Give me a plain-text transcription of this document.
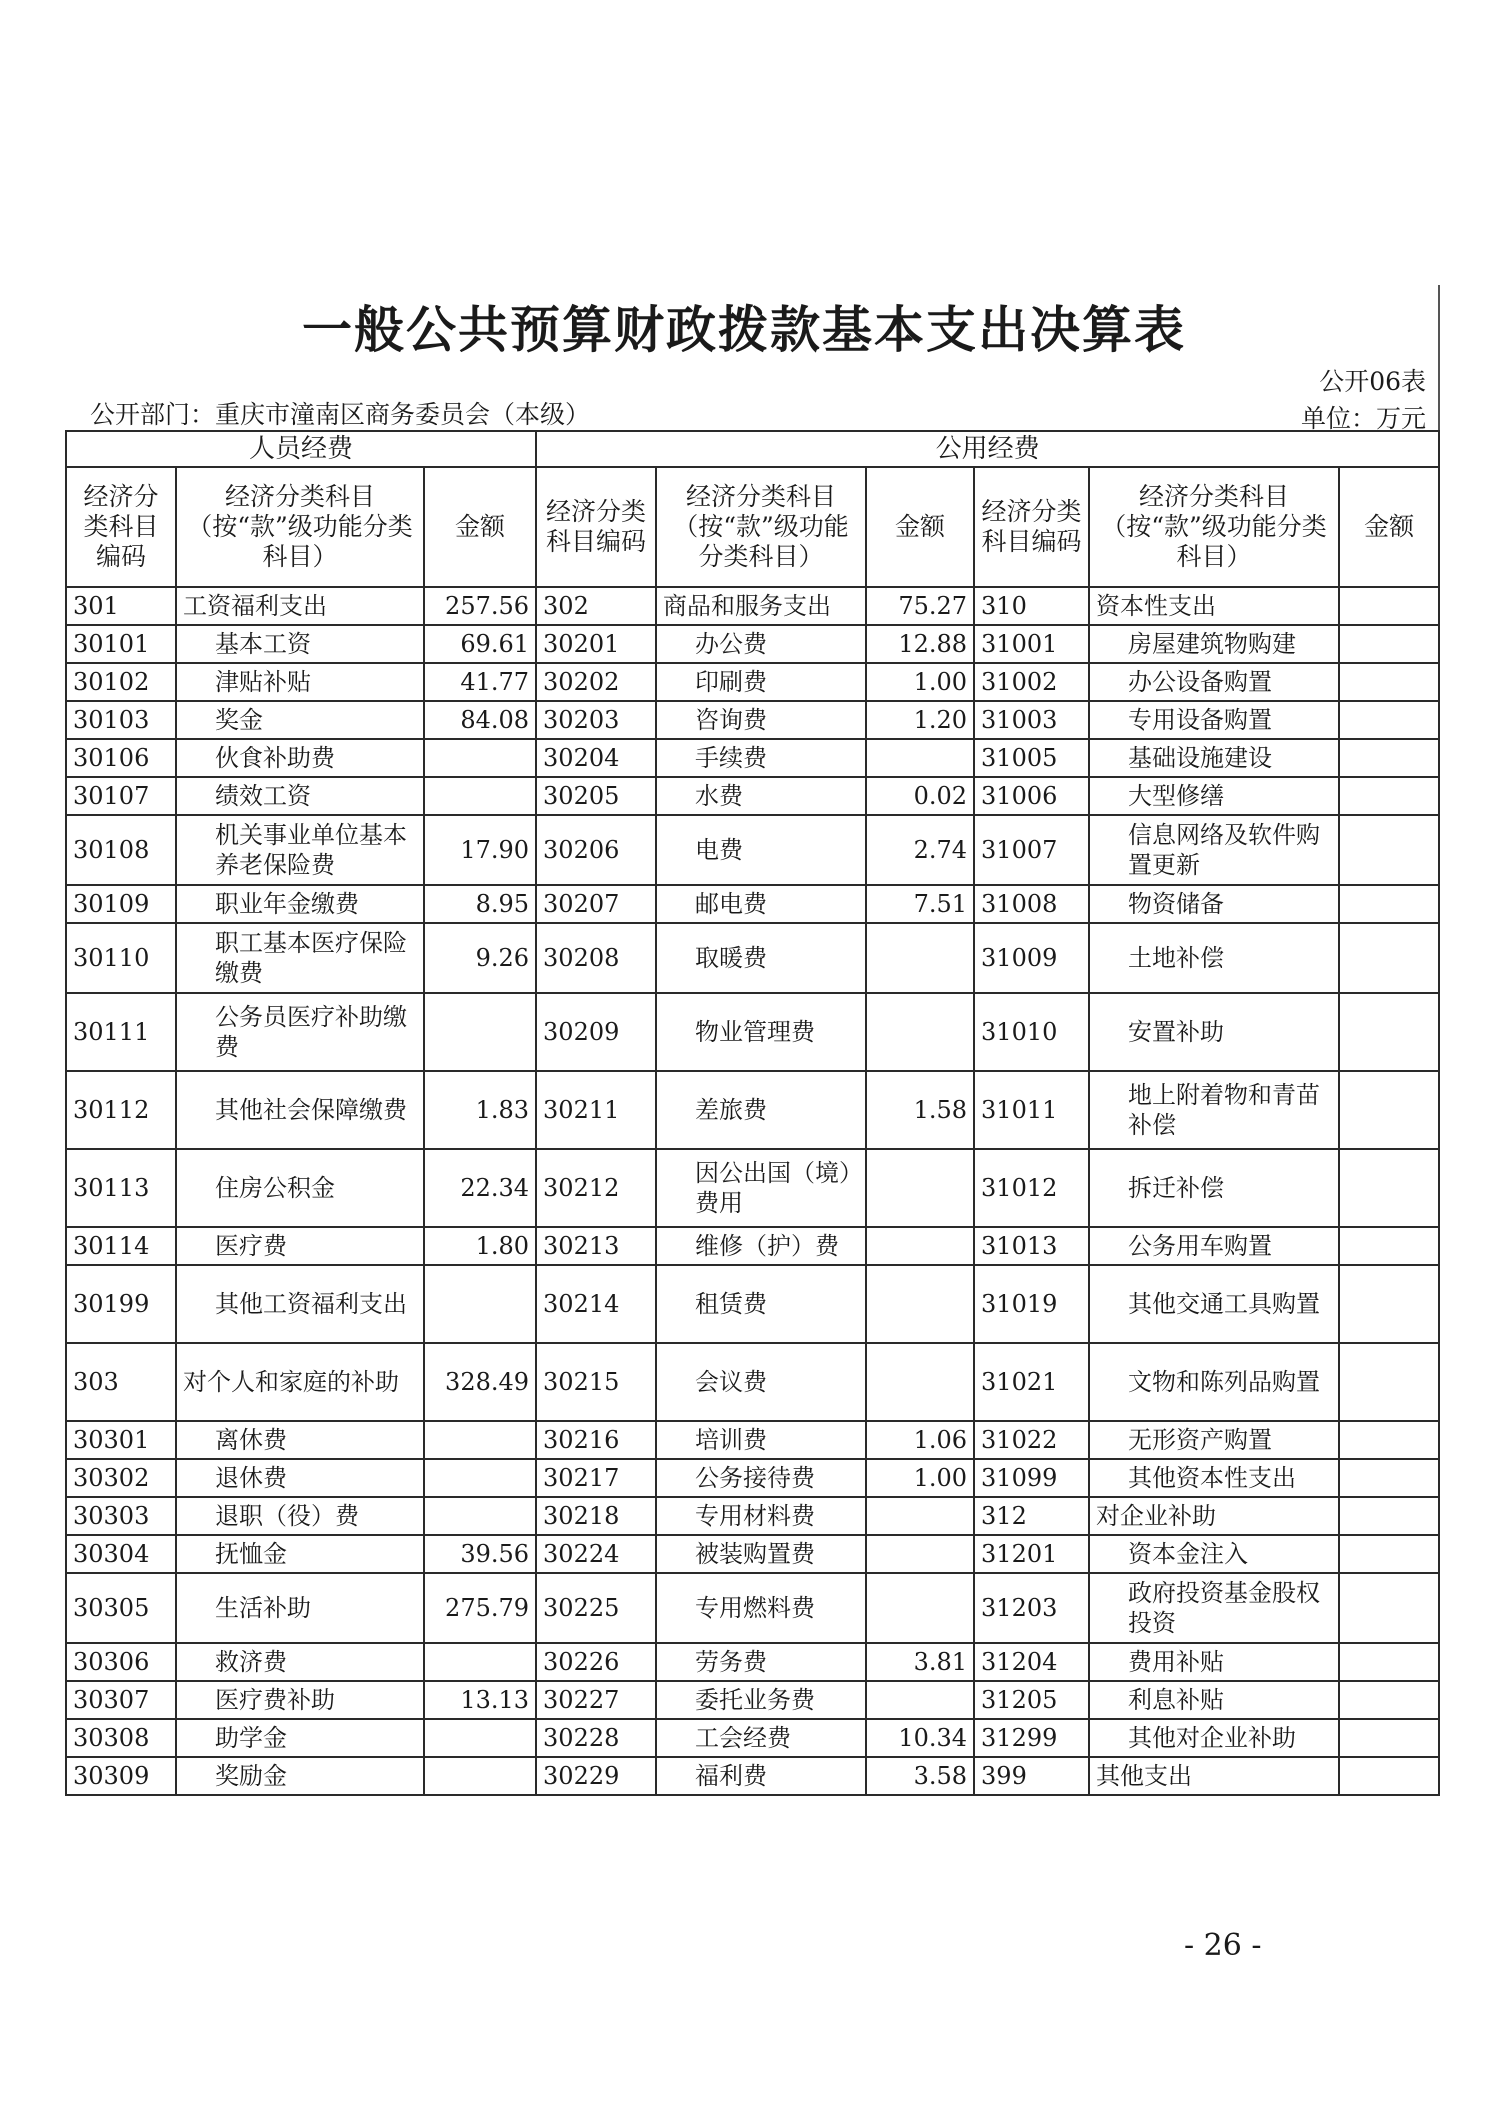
一般公共预算财政拨款基本支出决算表
公开06表
公开部门：重庆市潼南区商务委员会（本级）	单位：万元
人员经费			公用经费					
经济分类科目编码	经济分类科目（按“款”级功能分类科目）	金额	经济分类科目编码	经济分类科目（按“款”级功能分类科目）	金额	经济分类科目编码	经济分类科目（按“款”级功能分类科目）	金额
301	工资福利支出	257.56	302	商品和服务支出	75.27	310	资本性支出	
30101	基本工资	69.61	30201	办公费	12.88	31001	房屋建筑物购建	
30102	津贴补贴	41.77	30202	印刷费	1.00	31002	办公设备购置	
30103	奖金	84.08	30203	咨询费	1.20	31003	专用设备购置	
30106	伙食补助费		30204	手续费		31005	基础设施建设	
30107	绩效工资		30205	水费	0.02	31006	大型修缮	
30108	机关事业单位基本养老保险费	17.90	30206	电费	2.74	31007	信息网络及软件购置更新	
30109	职业年金缴费	8.95	30207	邮电费	7.51	31008	物资储备	
30110	职工基本医疗保险缴费	9.26	30208	取暖费		31009	土地补偿	
30111	公务员医疗补助缴费		30209	物业管理费		31010	安置补助	
30112	其他社会保障缴费	1.83	30211	差旅费	1.58	31011	地上附着物和青苗补偿	
30113	住房公积金	22.34	30212	因公出国（境）费用		31012	拆迁补偿	
30114	医疗费	1.80	30213	维修（护）费		31013	公务用车购置	
30199	其他工资福利支出		30214	租赁费		31019	其他交通工具购置	
303	对个人和家庭的补助	328.49	30215	会议费		31021	文物和陈列品购置	
30301	离休费		30216	培训费	1.06	31022	无形资产购置	
30302	退休费		30217	公务接待费	1.00	31099	其他资本性支出	
30303	退职（役）费		30218	专用材料费		312	对企业补助	
30304	抚恤金	39.56	30224	被装购置费		31201	资本金注入	
30305	生活补助	275.79	30225	专用燃料费		31203	政府投资基金股权投资	
30306	救济费		30226	劳务费	3.81	31204	费用补贴	
30307	医疗费补助	13.13	30227	委托业务费		31205	利息补贴	
30308	助学金		30228	工会经费	10.34	31299	其他对企业补助	
30309	奖励金		30229	福利费	3.58	399	其他支出	
- 26 -
